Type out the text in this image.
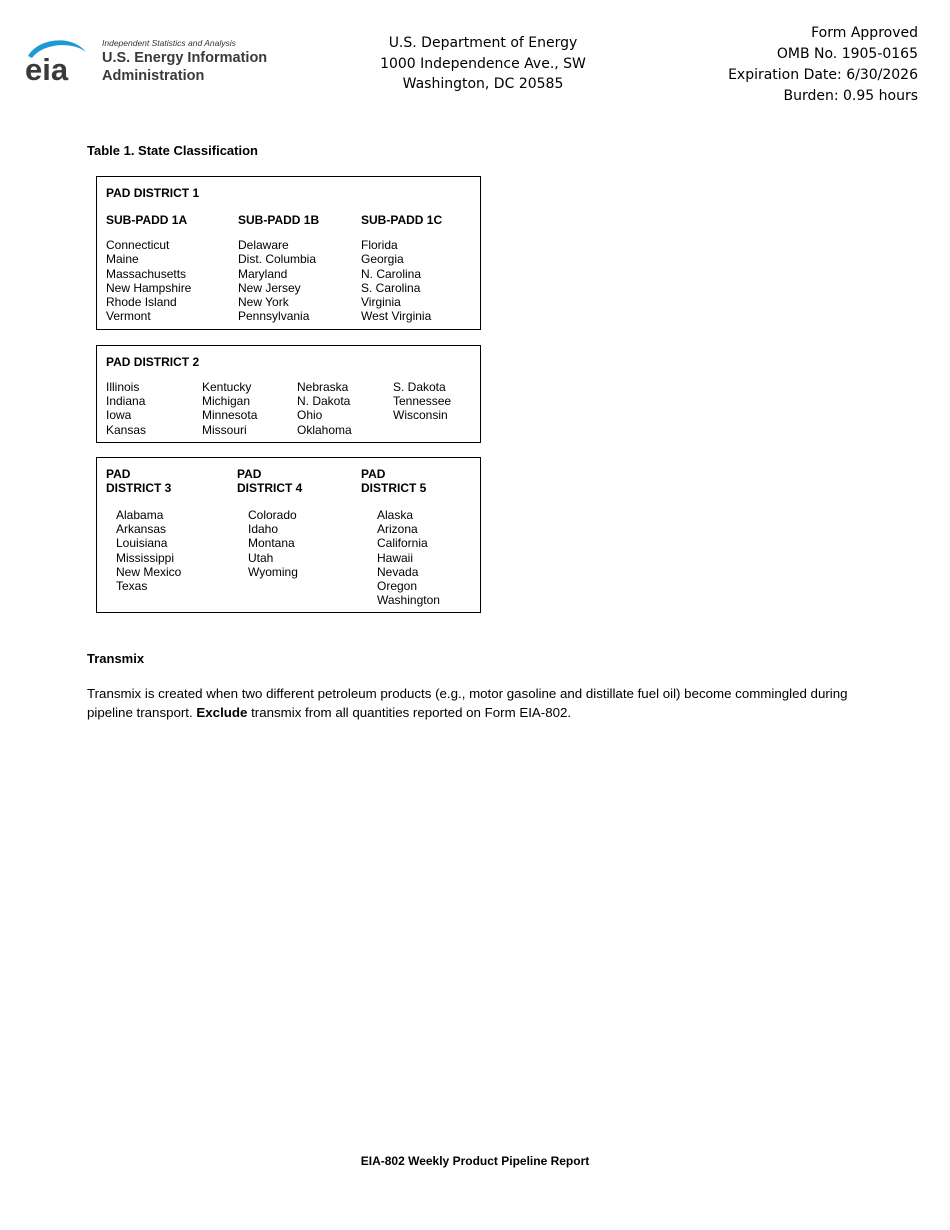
eia
Independent Statistics and Analysis
U.S. Energy Information
Administration
U.S. Department of Energy
1000 Independence Ave., SW
Washington, DC 20585
Form Approved
OMB No. 1905-0165
Expiration Date: 6/30/2026
Burden: 0.95 hours
Table 1. State Classification
PAD DISTRICT 1
SUB-PADD 1A
Connecticut
Maine
Massachusetts
New Hampshire
Rhode Island
Vermont
SUB-PADD 1B
Delaware
Dist. Columbia
Maryland
New Jersey
New York
Pennsylvania
SUB-PADD 1C
Florida
Georgia
N. Carolina
S. Carolina
Virginia
West Virginia
PAD DISTRICT 2
Illinois
Indiana
Iowa
Kansas
Kentucky
Michigan
Minnesota
Missouri
Nebraska
N. Dakota
Ohio
Oklahoma
S. Dakota
Tennessee
Wisconsin
PAD
DISTRICT 3
PAD
DISTRICT 4
PAD
DISTRICT 5
Alabama
Arkansas
Louisiana
Mississippi
New Mexico
Texas
Colorado
Idaho
Montana
Utah
Wyoming
Alaska
Arizona
California
Hawaii
Nevada
Oregon
Washington
Transmix
Transmix is created when two different petroleum products (e.g., motor gasoline and distillate fuel oil) become commingled during pipeline transport. Exclude transmix from all quantities reported on Form EIA-802.
EIA-802 Weekly Product Pipeline Report
